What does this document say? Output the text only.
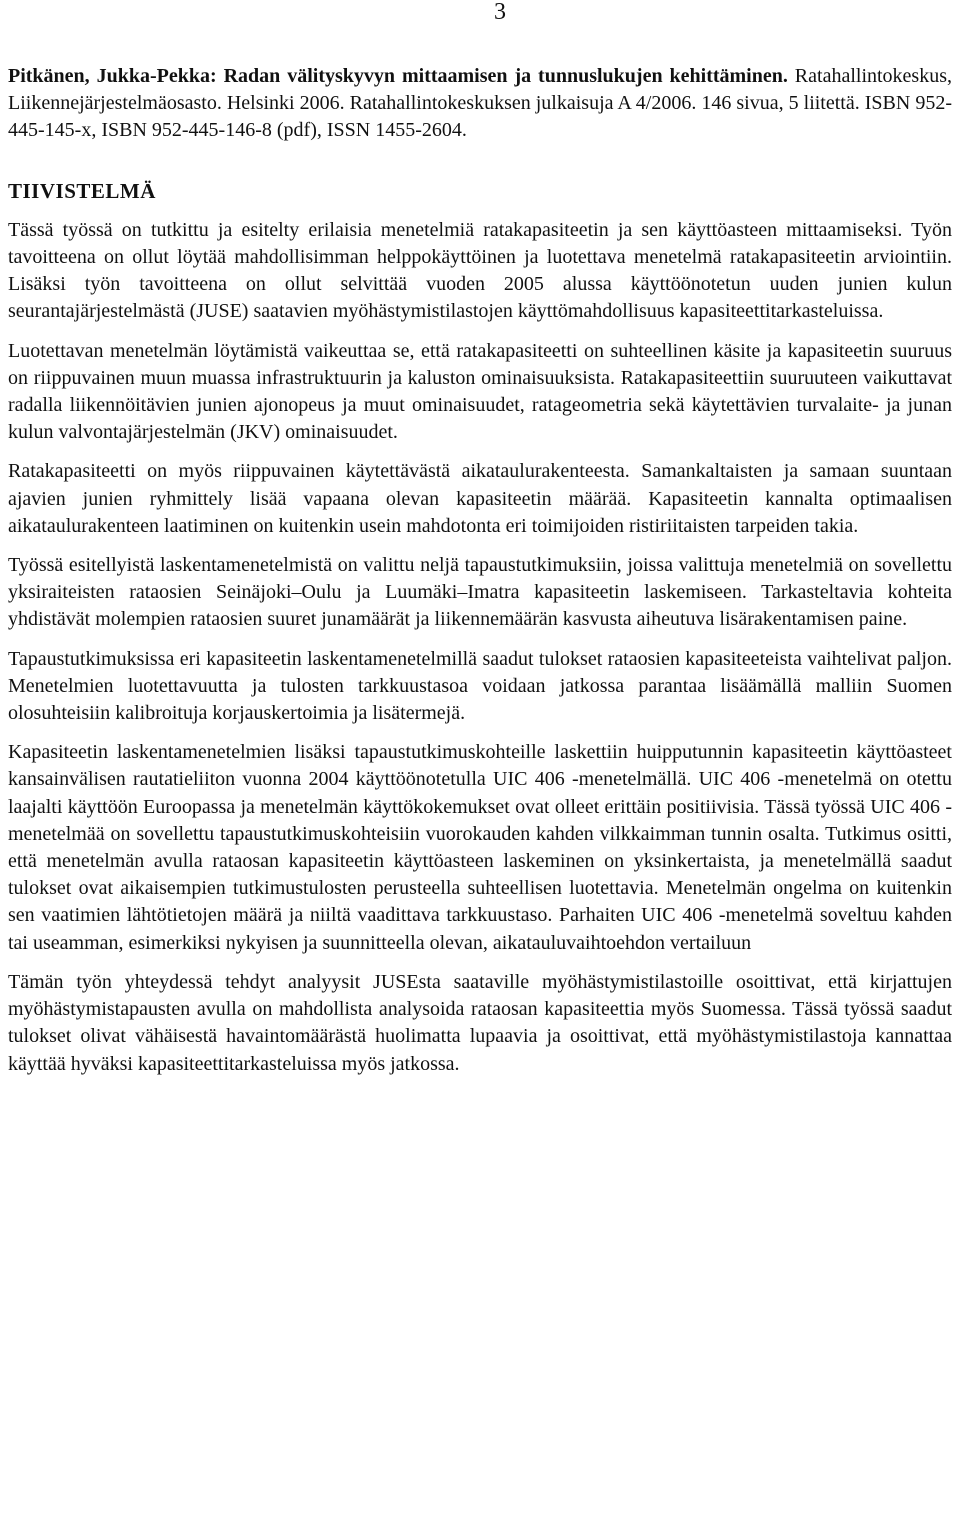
3

Pitkänen, Jukka-Pekka: Radan välityskyvyn mittaamisen ja tunnuslukujen kehittäminen. Ratahallintokeskus, Liikennejärjestelmäosasto. Helsinki 2006. Ratahallintokeskuksen julkaisuja A 4/2006. 146 sivua, 5 liitettä. ISBN 952-445-145-x, ISBN 952-445-146-8 (pdf), ISSN 1455-2604.

TIIVISTELMÄ

Tässä työssä on tutkittu ja esitelty erilaisia menetelmiä ratakapasiteetin ja sen käyttöasteen mittaamiseksi. Työn tavoitteena on ollut löytää mahdollisimman helppokäyttöinen ja luotettava menetelmä ratakapasiteetin arviointiin. Lisäksi työn tavoitteena on ollut selvittää vuoden 2005 alussa käyttöönotetun uuden junien kulun seurantajärjestelmästä (JUSE) saatavien myöhästymistilastojen käyttömahdollisuus kapasiteettitarkasteluissa.

Luotettavan menetelmän löytämistä vaikeuttaa se, että ratakapasiteetti on suhteellinen käsite ja kapasiteetin suuruus on riippuvainen muun muassa infrastruktuurin ja kaluston ominaisuuksista. Ratakapasiteettiin suuruuteen vaikuttavat radalla liikennöitävien junien ajonopeus ja muut ominaisuudet, ratageometria sekä käytettävien turvalaite- ja junan kulun valvontajärjestelmän (JKV) ominaisuudet.

Ratakapasiteetti on myös riippuvainen käytettävästä aikataulurakenteesta. Samankaltaisten ja samaan suuntaan ajavien junien ryhmittely lisää vapaana olevan kapasiteetin määrää. Kapasiteetin kannalta optimaalisen aikataulurakenteen laatiminen on kuitenkin usein mahdotonta eri toimijoiden ristiriitaisten tarpeiden takia.

Työssä esitellyistä laskentamenetelmistä on valittu neljä tapaustutkimuksiin, joissa valittuja menetelmiä on sovellettu yksiraiteisten rataosien Seinäjoki–Oulu ja Luumäki–Imatra kapasiteetin laskemiseen. Tarkasteltavia kohteita yhdistävät molempien rataosien suuret junamäärät ja liikennemäärän kasvusta aiheutuva lisärakentamisen paine.

Tapaustutkimuksissa eri kapasiteetin laskentamenetelmillä saadut tulokset rataosien kapasiteeteista vaihtelivat paljon. Menetelmien luotettavuutta ja tulosten tarkkuustasoa voidaan jatkossa parantaa lisäämällä malliin Suomen olosuhteisiin kalibroituja korjauskertoimia ja lisätermejä.

Kapasiteetin laskentamenetelmien lisäksi tapaustutkimuskohteille laskettiin huipputunnin kapasiteetin käyttöasteet kansainvälisen rautatieliiton vuonna 2004 käyttöönotetulla UIC 406 -menetelmällä. UIC 406 -menetelmä on otettu laajalti käyttöön Euroopassa ja menetelmän käyttökokemukset ovat olleet erittäin positiivisia. Tässä työssä UIC 406 -menetelmää on sovellettu tapaustutkimuskohteisiin vuorokauden kahden vilkkaimman tunnin osalta. Tutkimus ositti, että menetelmän avulla rataosan kapasiteetin käyttöasteen laskeminen on yksinkertaista, ja menetelmällä saadut tulokset ovat aikaisempien tutkimustulosten perusteella suhteellisen luotettavia. Menetelmän ongelma on kuitenkin sen vaatimien lähtötietojen määrä ja niiltä vaadittava tarkkuustaso. Parhaiten UIC 406 -menetelmä soveltuu kahden tai useamman, esimerkiksi nykyisen ja suunnitteella olevan, aikatauluvaihtoehdon vertailuun

Tämän työn yhteydessä tehdyt analyysit JUSEsta saataville myöhästymistilastoille osoittivat, että kirjattujen myöhästymistapausten avulla on mahdollista analysoida rataosan kapasiteettia myös Suomessa. Tässä työssä saadut tulokset olivat vähäisestä havaintomäärästä huolimatta lupaavia ja osoittivat, että myöhästymistilastoja kannattaa käyttää hyväksi kapasiteettitarkasteluissa myös jatkossa.
